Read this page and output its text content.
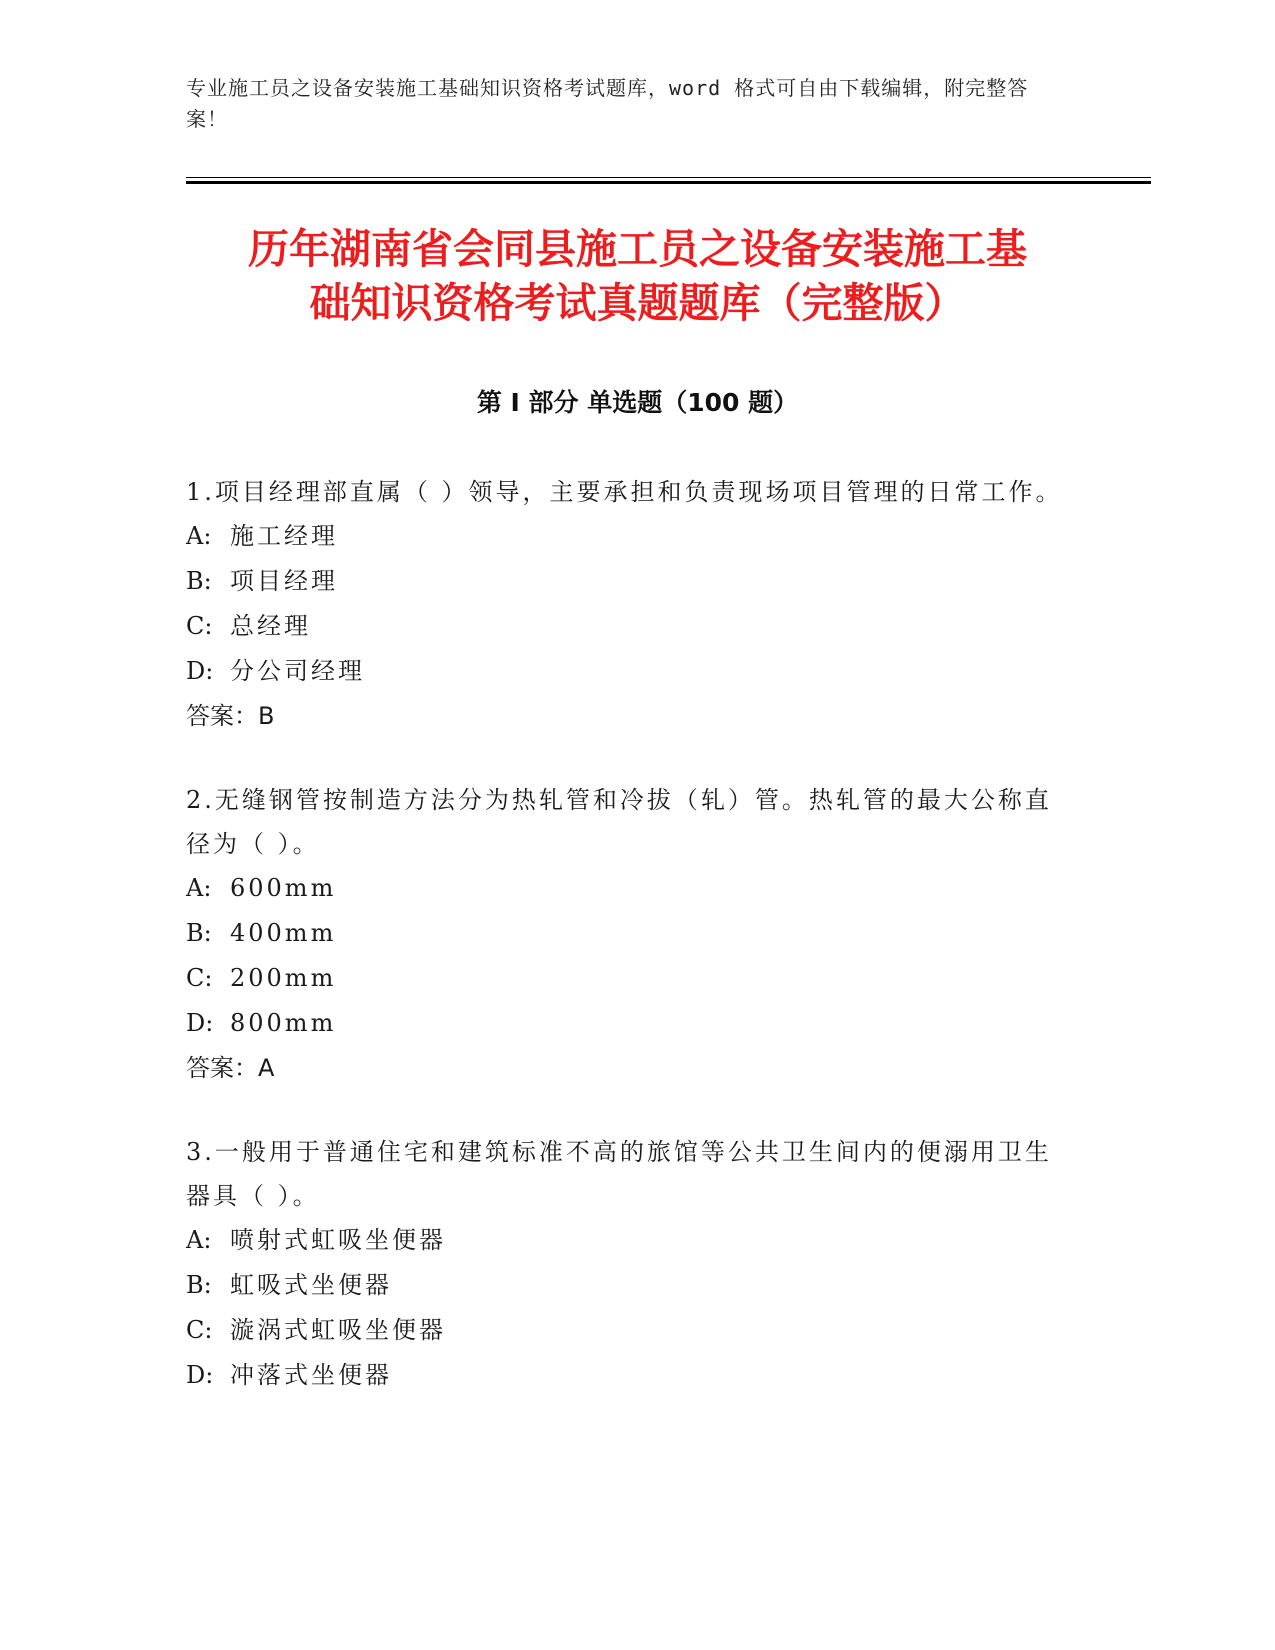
专业施工员之设备安装施工基础知识资格考试题库，word 格式可自由下载编辑，附完整答案！
历年湖南省会同县施工员之设备安装施工基
础知识资格考试真题题库（完整版）
第 I 部分 单选题（100 题）

1.项目经理部直属（ ）领导，主要承担和负责现场项目管理的日常工作。

A: 施工经理
B: 项目经理
C: 总经理
D: 分公司经理

答案：B

2.无缝钢管按制造方法分为热轧管和冷拔（轧）管。热轧管的最大公称直径为（ ）。

A: 600mm
B: 400mm
C: 200mm
D: 800mm

答案：A

3.一般用于普通住宅和建筑标准不高的旅馆等公共卫生间内的便溺用卫生器具（ ）。

A: 喷射式虹吸坐便器
B: 虹吸式坐便器
C: 漩涡式虹吸坐便器
D: 冲落式坐便器
